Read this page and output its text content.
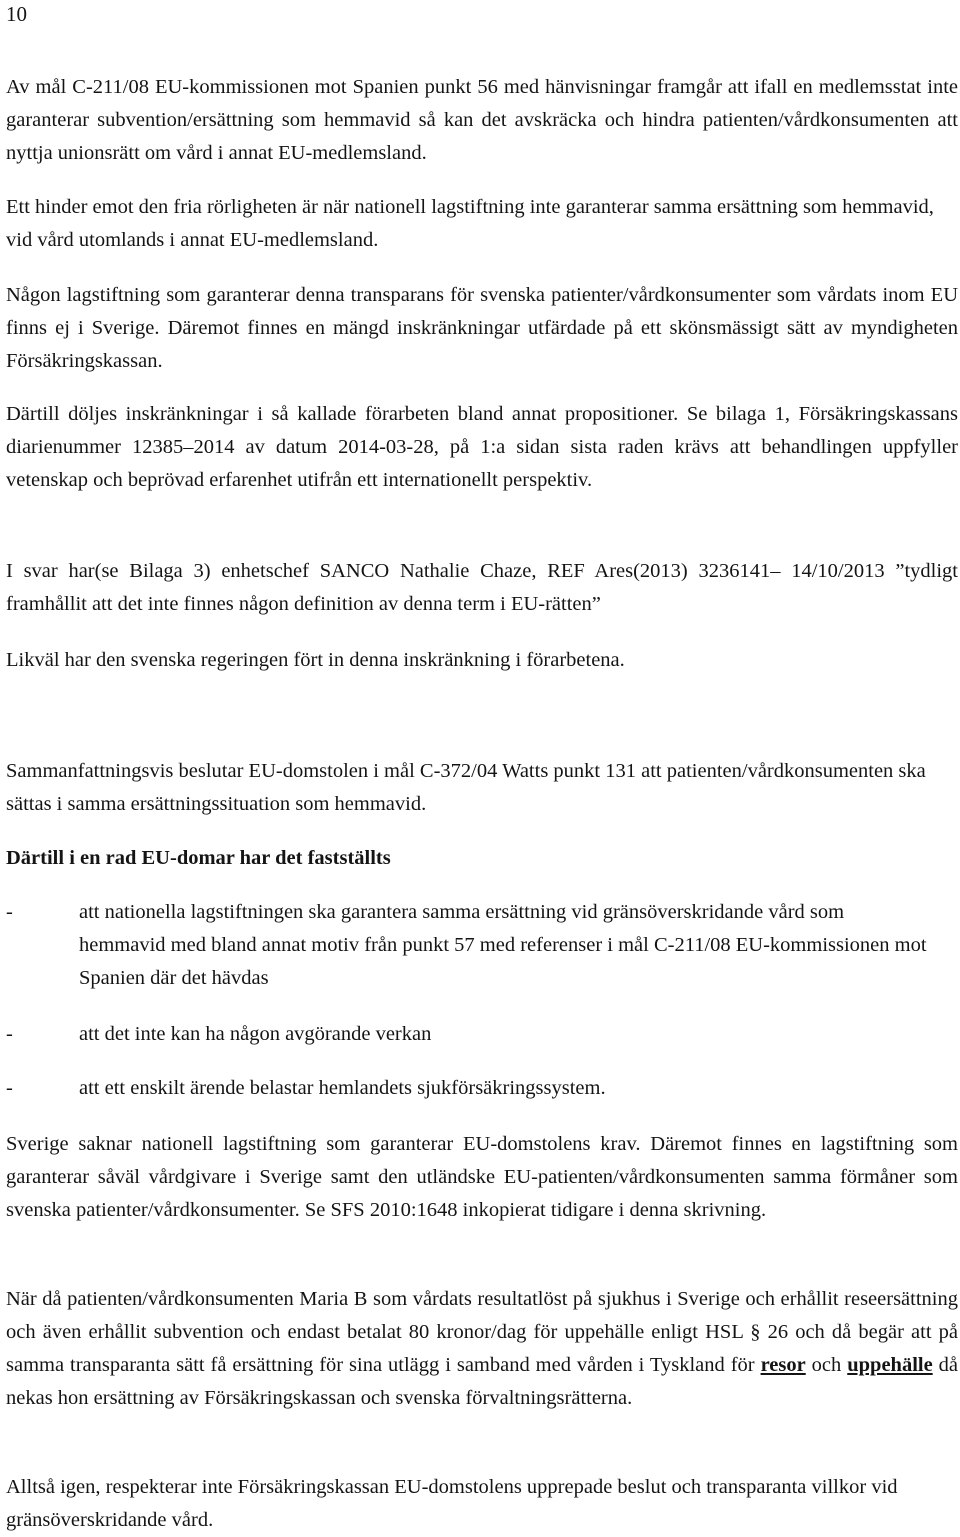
10

Av mål C-211/08 EU-kommissionen mot Spanien punkt 56 med hänvisningar framgår att ifall en medlemsstat inte garanterar subvention/ersättning som hemmavid så kan det avskräcka och hindra patienten/vårdkonsumenten att nyttja unionsrätt om vård i annat EU-medlemsland.

Ett hinder emot den fria rörligheten är när nationell lagstiftning inte garanterar samma ersättning som hemmavid, vid vård utomlands i annat EU-medlemsland.

Någon lagstiftning som garanterar denna transparans för svenska patienter/vårdkonsumenter som vårdats inom EU finns ej i Sverige. Däremot finnes en mängd inskränkningar utfärdade på ett skönsmässigt sätt av myndigheten Försäkringskassan.

Därtill döljes inskränkningar i så kallade förarbeten bland annat propositioner. Se bilaga 1, Försäkringskassans diarienummer 12385–2014 av datum 2014-03-28, på 1:a sidan sista raden krävs att behandlingen uppfyller vetenskap och beprövad erfarenhet utifrån ett internationellt perspektiv.

I svar har(se Bilaga 3) enhetschef SANCO Nathalie Chaze, REF Ares(2013) 3236141– 14/10/2013 ”tydligt framhållit att det inte finnes någon definition av denna term i EU-rätten”

Likväl har den svenska regeringen fört in denna inskränkning i förarbetena.

Sammanfattningsvis beslutar EU-domstolen i mål C-372/04 Watts punkt 131 att patienten/vårdkonsumenten ska sättas i samma ersättningssituation som hemmavid.

Därtill i en rad EU-domar har det fastställts

-	att nationella lagstiftningen ska garantera samma ersättning vid gränsöverskridande vård som hemmavid med bland annat motiv från punkt 57 med referenser i mål C-211/08 EU-kommissionen mot Spanien där det hävdas
-	att det inte kan ha någon avgörande verkan
-	att ett enskilt ärende belastar hemlandets sjukförsäkringssystem.

Sverige saknar nationell lagstiftning som garanterar EU-domstolens krav. Däremot finnes en lagstiftning som garanterar såväl vårdgivare i Sverige samt den utländske EU-patienten/vårdkonsumenten samma förmåner som svenska patienter/vårdkonsumenter. Se SFS 2010:1648 inkopierat tidigare i denna skrivning.

När då patienten/vårdkonsumenten Maria B som vårdats resultatlöst på sjukhus i Sverige och erhållit reseersättning och även erhållit subvention och endast betalat 80 kronor/dag för uppehälle enligt HSL § 26 och då begär att på samma transparanta sätt få ersättning för sina utlägg i samband med vården i Tyskland för resor och uppehälle då nekas hon ersättning av Försäkringskassan och svenska förvaltningsrätterna.

Alltså igen, respekterar inte Försäkringskassan EU-domstolens upprepade beslut och transparanta villkor vid gränsöverskridande vård.
